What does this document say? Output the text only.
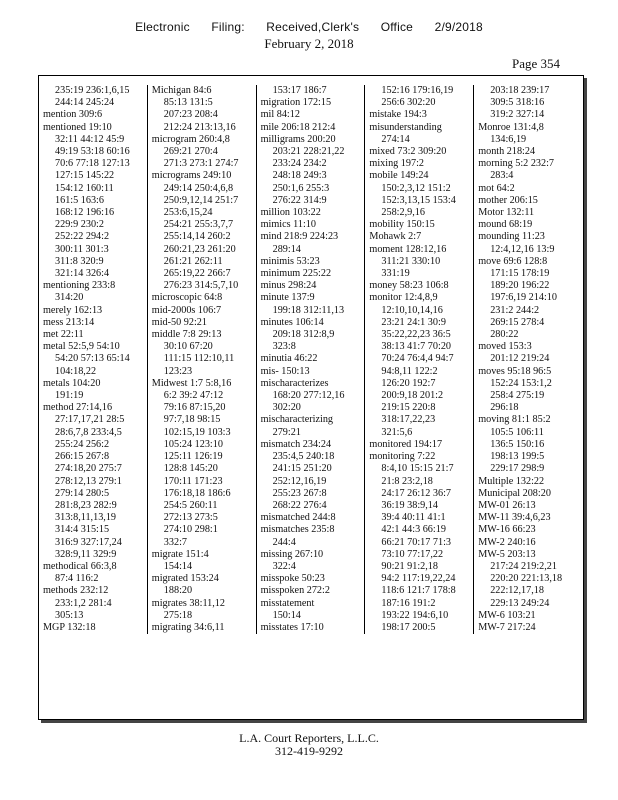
Electronic Filing: Received,Clerk's Office 2/9/2018
February 2, 2018
Page 354
235:19 236:1,6,15
244:14 245:24
mention 309:6
mentioned 19:10
32:11 44:12 45:9
49:19 53:18 60:16
70:6 77:18 127:13
127:15 145:22
154:12 160:11
161:5 163:6
168:12 196:16
229:9 230:2
252:22 294:2
300:11 301:3
311:8 320:9
321:14 326:4
mentioning 233:8
314:20
merely 162:13
mess 213:14
met 22:11
metal 52:5,9 54:10
54:20 57:13 65:14
104:18,22
metals 104:20
191:19
method 27:14,16
27:17,17,21 28:5
28:6,7,8 233:4,5
255:24 256:2
266:15 267:8
274:18,20 275:7
278:12,13 279:1
279:14 280:5
281:8,23 282:9
313:8,11,13,19
314:4 315:15
316:9 327:17,24
328:9,11 329:9
methodical 66:3,8
87:4 116:2
methods 232:12
233:1,2 281:4
305:13
MGP 132:18
Michigan 84:6
85:13 131:5
207:23 208:4
212:24 213:13,16
microgram 260:4,8
269:21 270:4
271:3 273:1 274:7
micrograms 249:10
249:14 250:4,6,8
250:9,12,14 251:7
253:6,15,24
254:21 255:3,7,7
255:14,14 260:2
260:21,23 261:20
261:21 262:11
265:19,22 266:7
276:23 314:5,7,10
microscopic 64:8
mid-2000s 106:7
mid-50 92:21
middle 7:8 29:13
30:10 67:20
111:15 112:10,11
123:23
Midwest 1:7 5:8,16
6:2 39:2 47:12
79:16 87:15,20
97:7,18 98:15
102:15,19 103:3
105:24 123:10
125:11 126:19
128:8 145:20
170:11 171:23
176:18,18 186:6
254:5 260:11
272:13 273:5
274:10 298:1
332:7
migrate 151:4
154:14
migrated 153:24
188:20
migrates 38:11,12
275:18
migrating 34:6,11
153:17 186:7
migration 172:15
mil 84:12
mile 206:18 212:4
milligrams 200:20
203:21 228:21,22
233:24 234:2
248:18 249:3
250:1,6 255:3
276:22 314:9
million 103:22
mimics 11:10
mind 218:9 224:23
289:14
minimis 53:23
minimum 225:22
minus 298:24
minute 137:9
199:18 312:11,13
minutes 106:14
209:18 312:8,9
323:8
minutia 46:22
mis- 150:13
mischaracterizes
168:20 277:12,16
302:20
mischaracterizing
279:21
mismatch 234:24
235:4,5 240:18
241:15 251:20
252:12,16,19
255:23 267:8
268:22 276:4
mismatched 244:8
mismatches 235:8
244:4
missing 267:10
322:4
misspoke 50:23
misspoken 272:2
misstatement
150:14
misstates 17:10
152:16 179:16,19
256:6 302:20
mistake 194:3
misunderstanding
274:14
mixed 73:2 309:20
mixing 197:2
mobile 149:24
150:2,3,12 151:2
152:3,13,15 153:4
258:2,9,16
mobility 150:15
Mohawk 2:7
moment 128:12,16
311:21 330:10
331:19
money 58:23 106:8
monitor 12:4,8,9
12:10,10,14,16
23:21 24:1 30:9
35:22,22,23 36:5
38:13 41:7 70:20
70:24 76:4,4 94:7
94:8,11 122:2
126:20 192:7
200:9,18 201:2
219:15 220:8
318:17,22,23
321:5,6
monitored 194:17
monitoring 7:22
8:4,10 15:15 21:7
21:8 23:2,18
24:17 26:12 36:7
36:19 38:9,14
39:4 40:11 41:1
42:1 44:3 66:19
66:21 70:17 71:3
73:10 77:17,22
90:21 91:2,18
94:2 117:19,22,24
118:6 121:7 178:8
187:16 191:2
193:22 194:6,10
198:17 200:5
203:18 239:17
309:5 318:16
319:2 327:14
Monroe 131:4,8
134:6,19
month 218:24
morning 5:2 232:7
283:4
mot 64:2
mother 206:15
Motor 132:11
mound 68:19
mounding 11:23
12:4,12,16 13:9
move 69:6 128:8
171:15 178:19
189:20 196:22
197:6,19 214:10
231:2 244:2
269:15 278:4
280:22
moved 153:3
201:12 219:24
moves 95:18 96:5
152:24 153:1,2
258:4 275:19
296:18
moving 81:1 85:2
105:5 106:11
136:5 150:16
198:13 199:5
229:17 298:9
Multiple 132:22
Municipal 208:20
MW-01 26:13
MW-11 39:4,6,23
MW-16 66:23
MW-2 240:16
MW-5 203:13
217:24 219:2,21
220:20 221:13,18
222:12,17,18
229:13 249:24
MW-6 103:21
MW-7 217:24
L.A. Court Reporters, L.L.C.
312-419-9292
